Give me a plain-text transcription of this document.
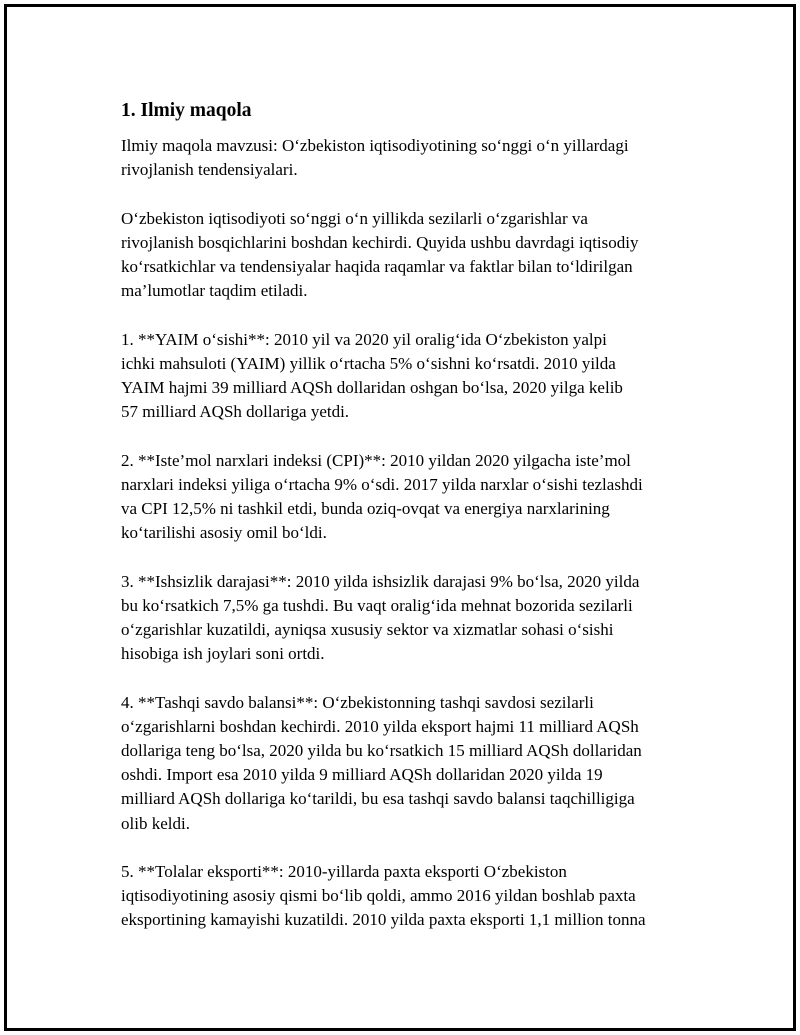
1. Ilmiy maqola

Ilmiy maqola mavzusi: O‘zbekiston iqtisodiyotining so‘nggi o‘n yillardagi
rivojlanish tendensiyalari.

O‘zbekiston iqtisodiyoti so‘nggi o‘n yillikda sezilarli o‘zgarishlar va
rivojlanish bosqichlarini boshdan kechirdi. Quyida ushbu davrdagi iqtisodiy
ko‘rsatkichlar va tendensiyalar haqida raqamlar va faktlar bilan to‘ldirilgan
ma’lumotlar taqdim etiladi.

1. **YAIM o‘sishi**: 2010 yil va 2020 yil oralig‘ida O‘zbekiston yalpi
ichki mahsuloti (YAIM) yillik o‘rtacha 5% o‘sishni ko‘rsatdi. 2010 yilda
YAIM hajmi 39 milliard AQSh dollaridan oshgan bo‘lsa, 2020 yilga kelib
57 milliard AQSh dollariga yetdi.

2. **Iste’mol narxlari indeksi (CPI)**: 2010 yildan 2020 yilgacha iste’mol
narxlari indeksi yiliga o‘rtacha 9% o‘sdi. 2017 yilda narxlar o‘sishi tezlashdi
va CPI 12,5% ni tashkil etdi, bunda oziq-ovqat va energiya narxlarining
ko‘tarilishi asosiy omil bo‘ldi.

3. **Ishsizlik darajasi**: 2010 yilda ishsizlik darajasi 9% bo‘lsa, 2020 yilda
bu ko‘rsatkich 7,5% ga tushdi. Bu vaqt oralig‘ida mehnat bozorida sezilarli
o‘zgarishlar kuzatildi, ayniqsa xususiy sektor va xizmatlar sohasi o‘sishi
hisobiga ish joylari soni ortdi.

4. **Tashqi savdo balansi**: O‘zbekistonning tashqi savdosi sezilarli
o‘zgarishlarni boshdan kechirdi. 2010 yilda eksport hajmi 11 milliard AQSh
dollariga teng bo‘lsa, 2020 yilda bu ko‘rsatkich 15 milliard AQSh dollaridan
oshdi. Import esa 2010 yilda 9 milliard AQSh dollaridan 2020 yilda 19
milliard AQSh dollariga ko‘tarildi, bu esa tashqi savdo balansi taqchilligiga
olib keldi.

5. **Tolalar eksporti**: 2010-yillarda paxta eksporti O‘zbekiston
iqtisodiyotining asosiy qismi bo‘lib qoldi, ammo 2016 yildan boshlab paxta
eksportining kamayishi kuzatildi. 2010 yilda paxta eksporti 1,1 million tonna
